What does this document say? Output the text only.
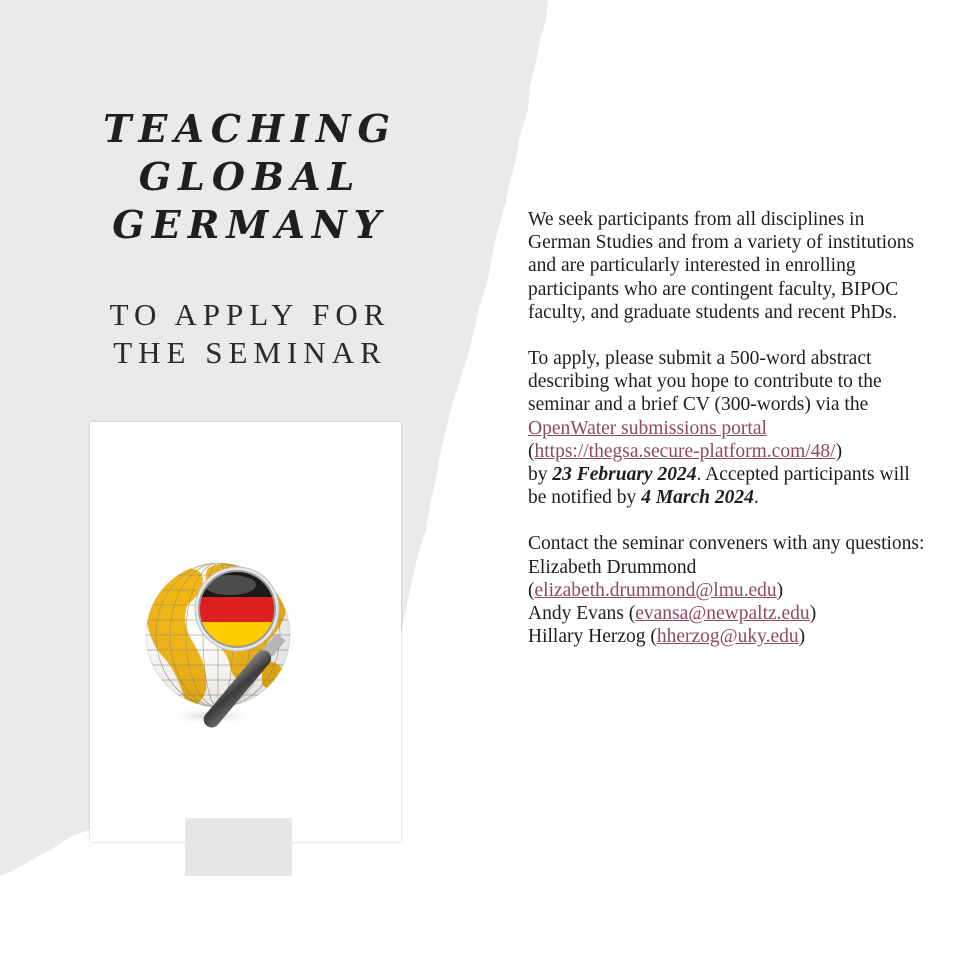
TEACHING
GLOBAL
GERMANY
TO APPLY FOR
THE SEMINAR

We seek participants from all disciplines in German Studies and from a variety of institutions and are particularly interested in enrolling participants who are contingent faculty, BIPOC faculty, and graduate students and recent PhDs.

To apply, please submit a 500-word abstract describing what you hope to contribute to the seminar and a brief CV (300-words) via the OpenWater submissions portal
(https://thegsa.secure-platform.com/48/)
by 23 February 2024. Accepted participants will be notified by 4 March 2024.

Contact the seminar conveners with any questions:
Elizabeth Drummond
(elizabeth.drummond@lmu.edu)
Andy Evans (evansa@newpaltz.edu)
Hillary Herzog (hherzog@uky.edu)
